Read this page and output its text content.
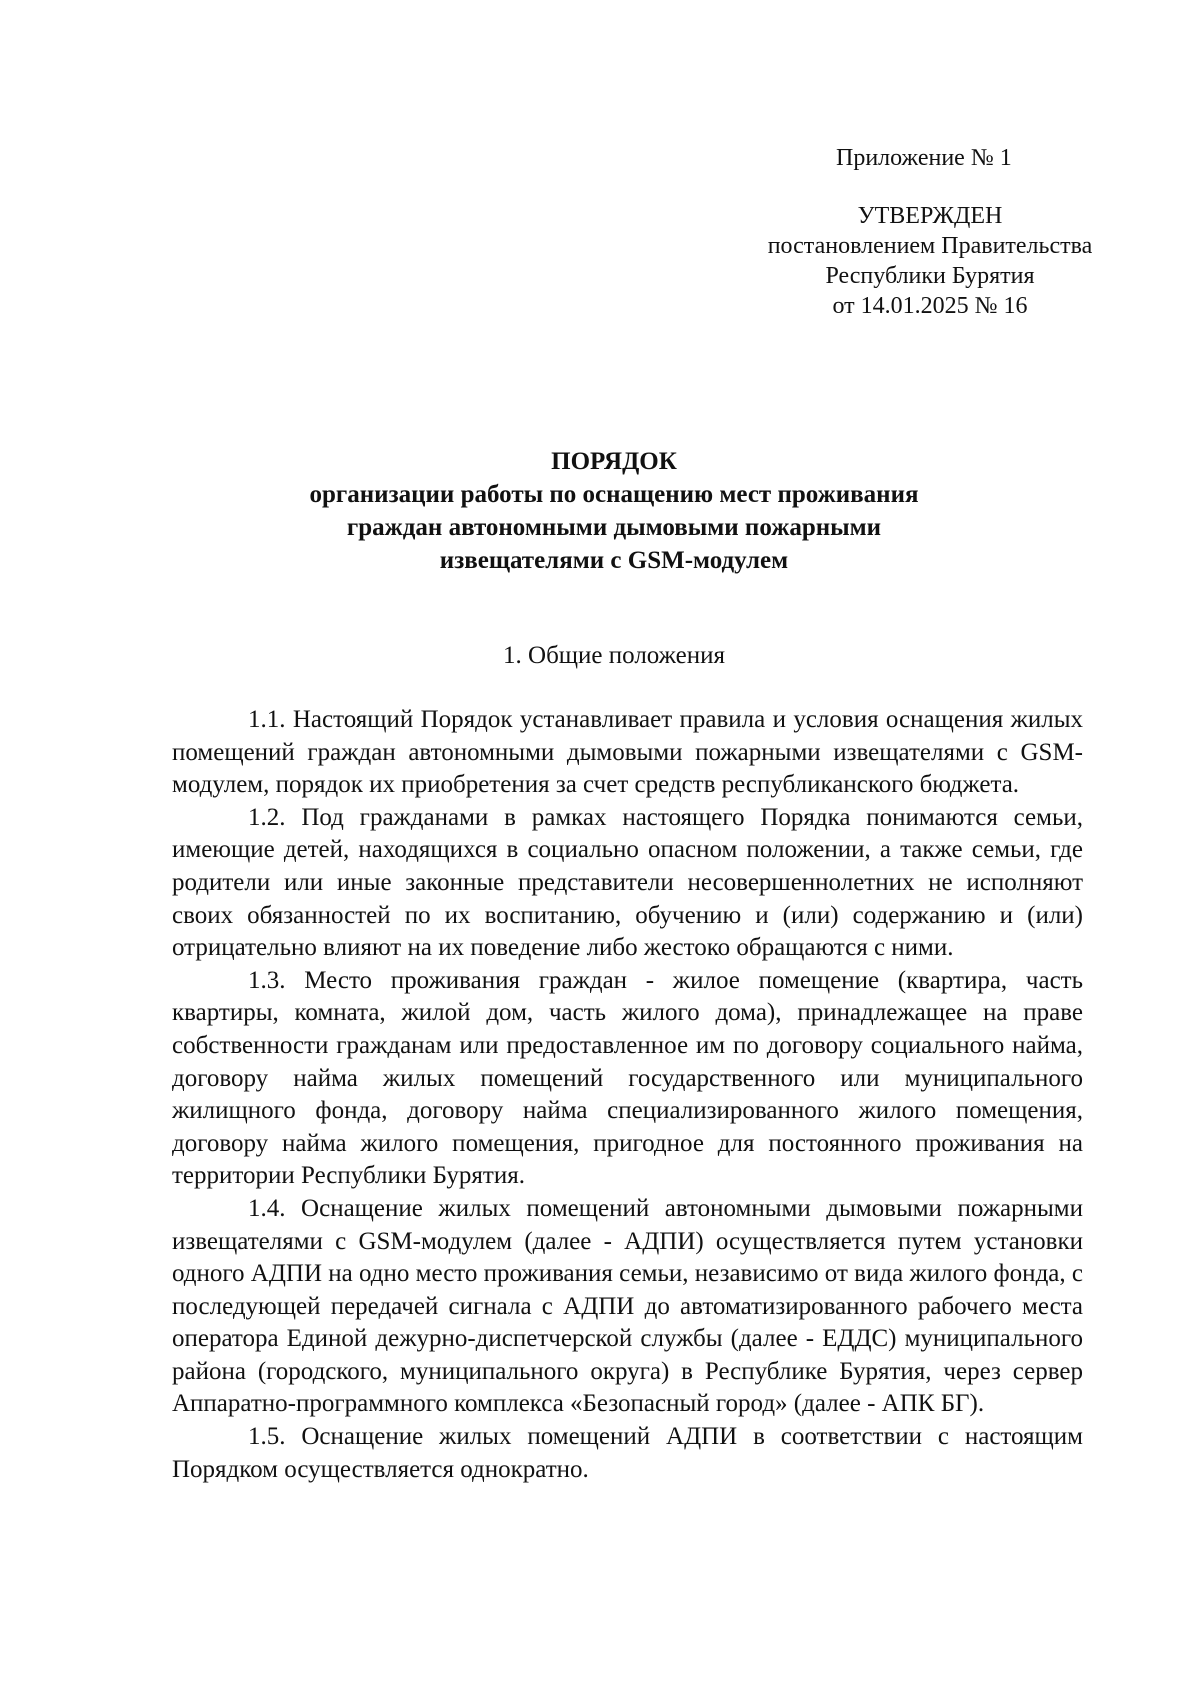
Приложение № 1
УТВЕРЖДЕН
постановлением Правительства
Республики Бурятия
от 14.01.2025 № 16
ПОРЯДОК
организации работы по оснащению мест проживания
граждан автономными дымовыми пожарными
извещателями с GSM-модулем
1. Общие положения

1.1. Настоящий Порядок устанавливает правила и условия оснащения жилых помещений граждан автономными дымовыми пожарными извещателями с GSM-модулем, порядок их приобретения за счет средств республиканского бюджета.

1.2. Под гражданами в рамках настоящего Порядка понимаются семьи, имеющие детей, находящихся в социально опасном положении, а также семьи, где родители или иные законные представители несовершеннолетних не исполняют своих обязанностей по их воспитанию, обучению и (или) содержанию и (или) отрицательно влияют на их поведение либо жестоко обращаются с ними.

1.3. Место проживания граждан - жилое помещение (квартира, часть квартиры, комната, жилой дом, часть жилого дома), принадлежащее на праве собственности гражданам или предоставленное им по договору социального найма, договору найма жилых помещений государственного или муниципального жилищного фонда, договору найма специализированного жилого помещения, договору найма жилого помещения, пригодное для постоянного проживания на территории Республики Бурятия.

1.4. Оснащение жилых помещений автономными дымовыми пожарными извещателями с GSM-модулем (далее - АДПИ) осуществляется путем установки одного АДПИ на одно место проживания семьи, независимо от вида жилого фонда, с последующей передачей сигнала с АДПИ до автоматизированного рабочего места оператора Единой дежурно-диспетчерской службы (далее - ЕДДС) муниципального района (городского, муниципального округа) в Республике Бурятия, через сервер Аппаратно-программного комплекса «Безопасный город» (далее - АПК БГ).

1.5. Оснащение жилых помещений АДПИ в соответствии с настоящим Порядком осуществляется однократно.
